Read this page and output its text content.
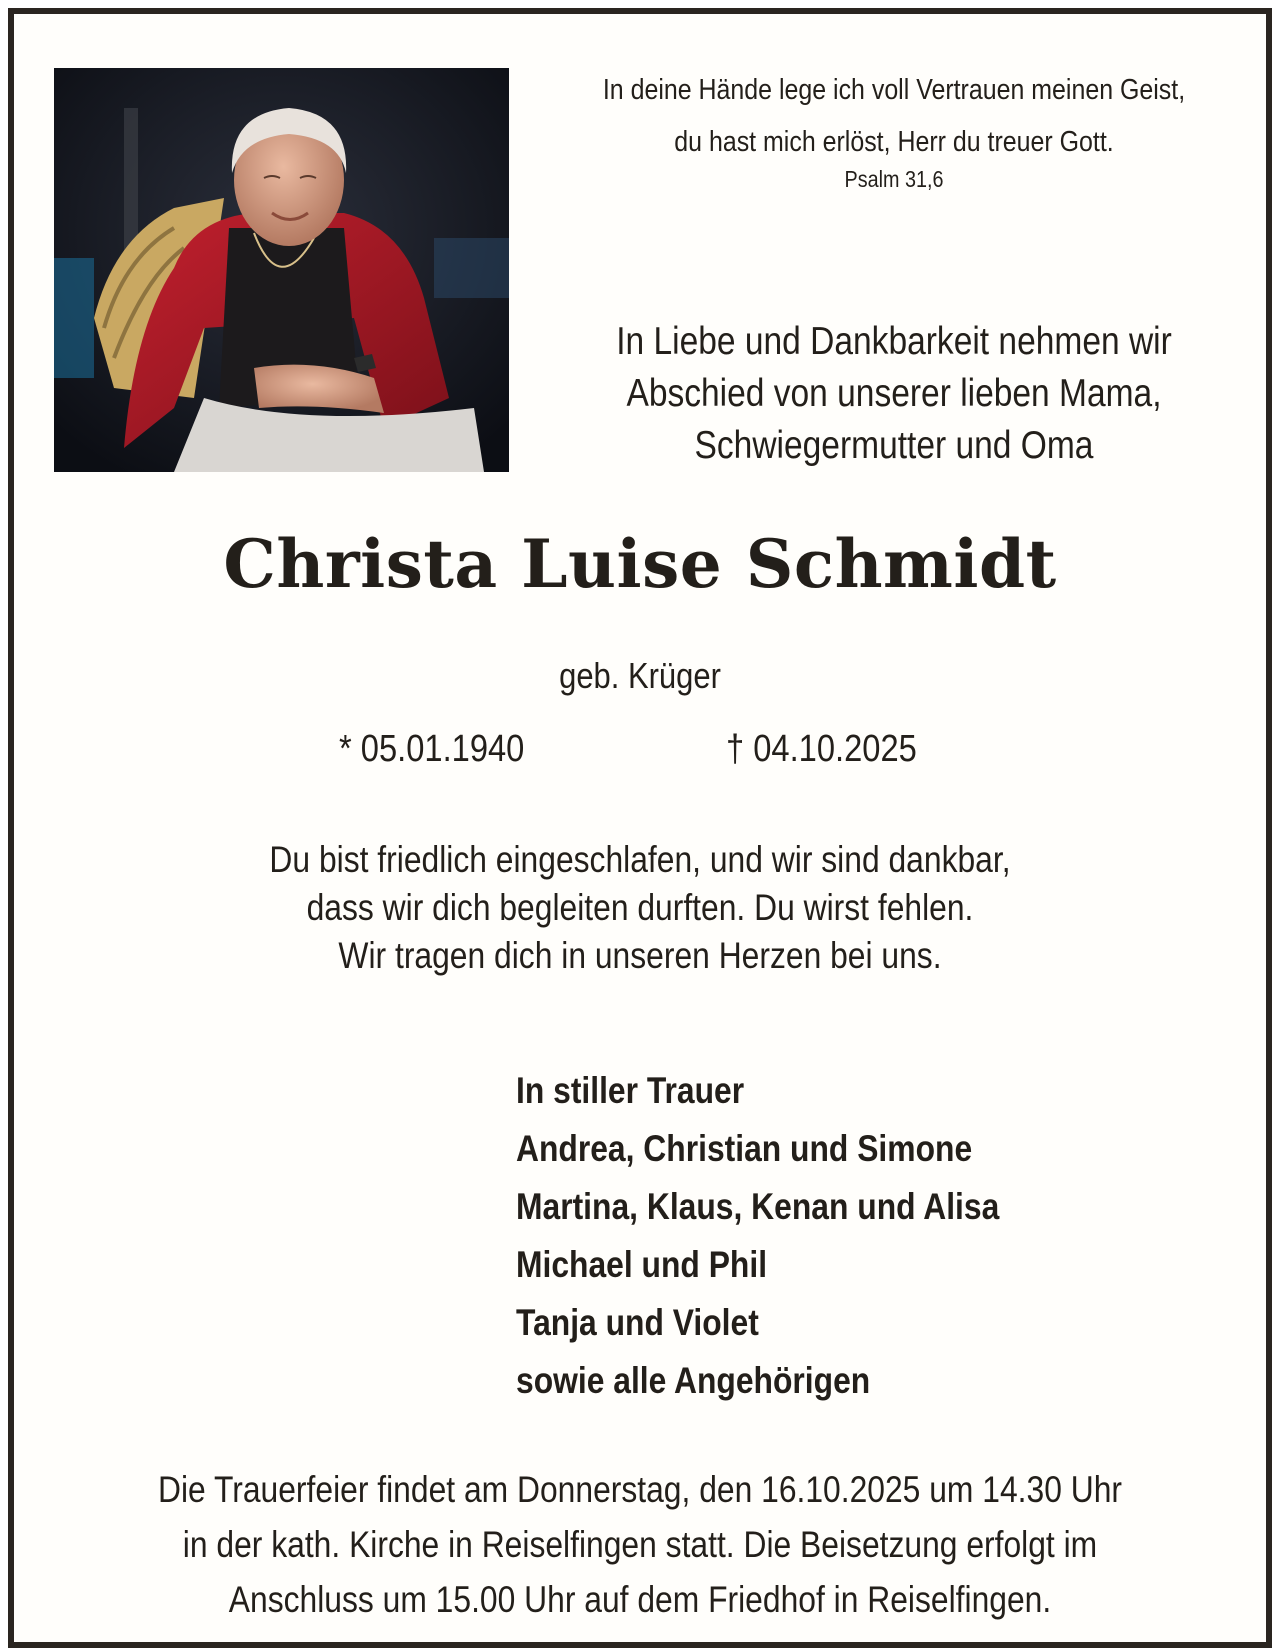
In deine Hände lege ich voll Vertrauen meinen Geist,
du hast mich erlöst, Herr du treuer Gott.
Psalm 31,6
In Liebe und Dankbarkeit nehmen wir
Abschied von unserer lieben Mama,
Schwiegermutter und Oma
Christa Luise Schmidt
geb. Krüger
* 05.01.1940	† 04.10.2025
Du bist friedlich eingeschlafen, und wir sind dankbar,
dass wir dich begleiten durften. Du wirst fehlen.
Wir tragen dich in unseren Herzen bei uns.
In stiller Trauer
Andrea, Christian und Simone
Martina, Klaus, Kenan und Alisa
Michael und Phil
Tanja und Violet
sowie alle Angehörigen
Die Trauerfeier findet am Donnerstag, den 16.10.2025 um 14.30 Uhr
in der kath. Kirche in Reiselfingen statt. Die Beisetzung erfolgt im
Anschluss um 15.00 Uhr auf dem Friedhof in Reiselfingen.
